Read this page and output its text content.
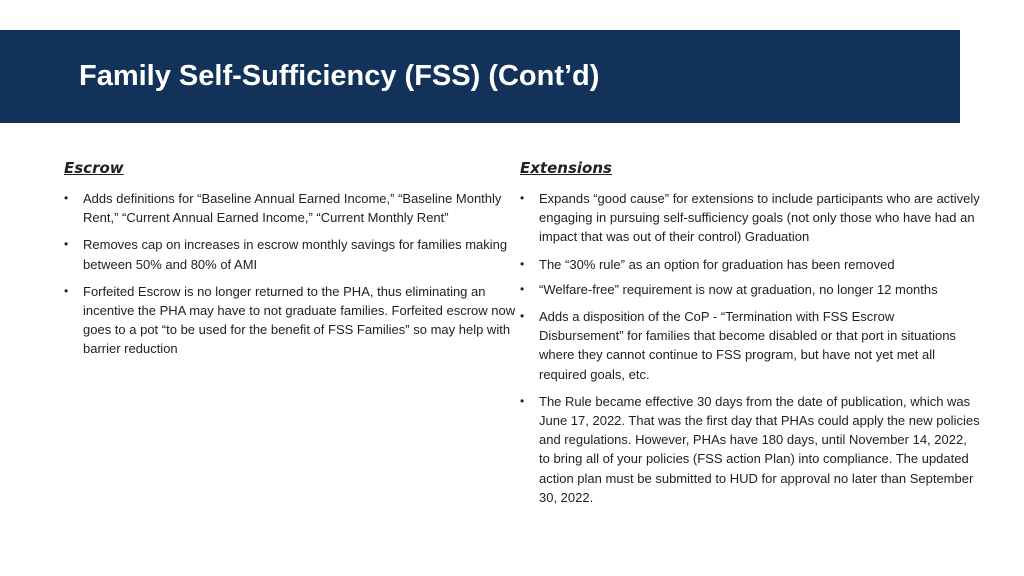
Family Self-Sufficiency (FSS) (Cont’d)
Escrow
• Adds definitions for “Baseline Annual Earned Income,” “Baseline Monthly Rent,” “Current Annual Earned Income,” “Current Monthly Rent”
• Removes cap on increases in escrow monthly savings for families making between 50% and 80% of AMI
• Forfeited Escrow is no longer returned to the PHA, thus eliminating an incentive the PHA may have to not graduate families. Forfeited escrow now goes to a pot “to be used for the benefit of FSS Families” so may help with barrier reduction
Extensions
• Expands “good cause” for extensions to include participants who are actively engaging in pursuing self-sufficiency goals (not only those who have had an impact that was out of their control) Graduation
• The “30% rule” as an option for graduation has been removed
• “Welfare-free” requirement is now at graduation, no longer 12 months
• Adds a disposition of the CoP - “Termination with FSS Escrow Disbursement” for families that become disabled or that port in situations where they cannot continue to FSS program, but have not yet met all required goals, etc.
• The Rule became effective 30 days from the date of publication, which was June 17, 2022. That was the first day that PHAs could apply the new policies and regulations. However, PHAs have 180 days, until November 14, 2022, to bring all of your policies (FSS action Plan) into compliance. The updated action plan must be submitted to HUD for approval no later than September 30, 2022.
